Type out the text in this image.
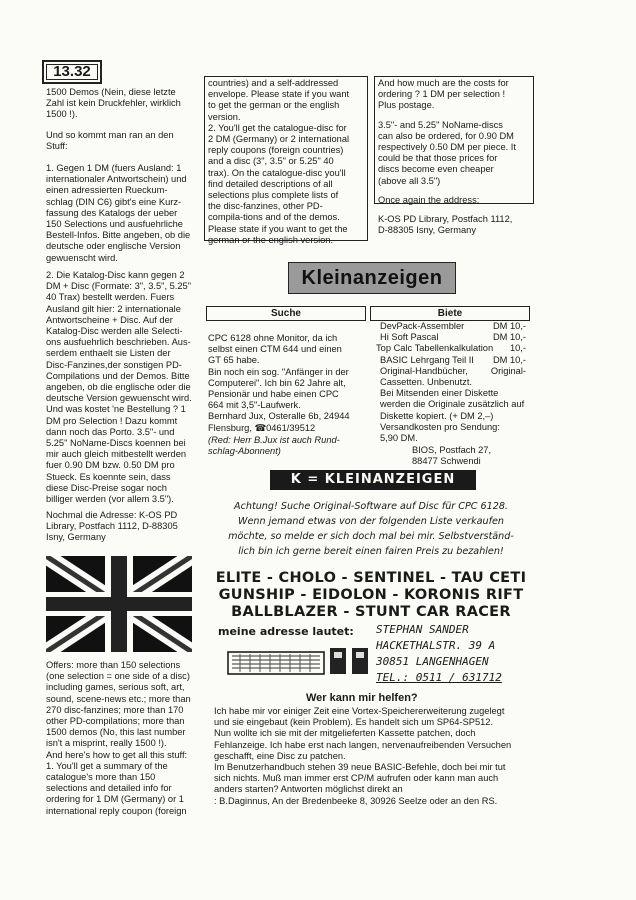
13.32

1500 Demos (Nein, diese letzte
Zahl ist kein Druckfehler, wirklich
1500 !).

Und so kommt man ran an den
Stuff:

1. Gegen 1 DM (fuers Ausland: 1
internationaler Antwortschein) und
einen adressierten Rueckum-
schlag (DIN C6) gibt's eine Kurz-
fassung des Katalogs der ueber
150 Selections und ausfuehrliche
Bestell-Infos. Bitte angeben, ob die
deutsche oder englische Version
gewuenscht wird.

2. Die Katalog-Disc kann gegen 2
DM + Disc (Formate: 3", 3.5", 5.25"
40 Trax) bestellt werden. Fuers
Ausland gilt hier: 2 internationale
Antwortscheine + Disc. Auf der
Katalog-Disc werden alle Selecti-
ons ausfuehrlich beschrieben. Aus-
serdem enthaelt sie Listen der
Disc-Fanzines,der sonstigen PD-
Compilations und der Demos. Bitte
angeben, ob die englische oder die
deutsche Version gewuenscht wird.
Und was kostet 'ne Bestellung ? 1
DM pro Selection ! Dazu kommt
dann noch das Porto. 3.5"- und
5.25" NoName-Discs koennen bei
mir auch gleich mitbestellt werden
fuer 0.90 DM bzw. 0.50 DM pro
Stueck. Es koennte sein, dass
diese Disc-Preise sogar noch
billiger werden (vor allem 3.5").

Nochmal die Adresse: K-OS PD
Library, Postfach 1112, D-88305
Isny, Germany

Offers: more than 150 selections
(one selection = one side of a disc)
including games, serious soft, art,
sound, scene-news etc.; more than
270 disc-fanzines; more than 170
other PD-compilations; more than
1500 demos (No, this last number
isn't a misprint, really 1500 !).
And here's how to get all this stuff:
1. You'll get a summary of the
catalogue's more than 150
selections and detailed info for
ordering for 1 DM (Germany) or 1
international reply coupon (foreign

countries) and a self-addressed
envelope. Please state if you want
to get the german or the english
version.
2. You'll get the catalogue-disc for
2 DM (Germany) or 2 international
reply coupons (foreign countries)
and a disc (3", 3.5" or 5.25" 40
trax). On the catalogue-disc you'll
find detailed descriptions of all
selections plus complete lists of
the disc-fanzines, other PD-
compila-tions and of the demos.
Please state if you want to get the
german or the english version.

And how much are the costs for
ordering ? 1 DM per selection !
Plus postage.

3.5"- and 5.25" NoName-discs
can also be ordered, for 0.90 DM
respectively 0.50 DM per piece. It
could be that those prices for
discs become even cheaper
(above all 3.5")

Once again the address:

K-OS PD Library, Postfach 1112,
D-88305 Isny, Germany

Kleinanzeigen
Suche	Biete

CPC 6128 ohne Monitor, da ich
selbst einen CTM 644 und einen
GT 65 habe.
Bin noch ein sog. "Anfänger in der
Computerei". Ich bin 62 Jahre alt,
Pensionär und habe einen CPC
664 mit 3,5"-Laufwerk.
Bernhard Jux, Osteralle 6b, 24944
Flensburg, ☎0461/39512

(Red: Herr B.Jux ist auch Rund-
schlag-Abonnent)

DevPack-Assembler	DM 10,-
Hi Soft Pascal	DM 10,-
Top Calc Tabellenkalkulation 10,-
BASIC Lehrgang Teil II DM 10,-
Original-Handbücher, Original-

Cassetten. Unbenutzt.
Bei Mitsenden einer Diskette
werden die Originale zusätzlich auf
Diskette kopiert. (+ DM 2,–)
Versandkosten pro Sendung:
5,90 DM.

BIOS, Postfach 27,
88477 Schwendi

K = KLEINANZEIGEN
Achtung! Suche Original-Software auf Disc für CPC 6128.
Wenn jemand etwas von der folgenden Liste verkaufen
möchte, so melde er sich doch mal bei mir. Selbstverständ-
lich bin ich gerne bereit einen fairen Preis zu bezahlen!
ELITE - CHOLO - SENTINEL - TAU CETI
GUNSHIP - EIDOLON - KORONIS RIFT
BALLBLAZER - STUNT CAR RACER
meine adresse lautet: STEPHAN SANDER
HACKETHALSTR. 39 A
30851 LANGENHAGEN
TEL.: 0511 / 631712
Wer kann mir helfen?

Ich habe mir vor einiger Zeit eine Vortex-Speichererweiterung zugelegt
und sie eingebaut (kein Problem). Es handelt sich um SP64-SP512.
Nun wollte ich sie mit der mitgelieferten Kassette patchen, doch
Fehlanzeige. Ich habe erst nach langen, nervenaufreibenden Versuchen
geschafft, eine Disc zu patchen.
Im Benutzerhandbuch stehen 39 neue BASIC-Befehle, doch bei mir tut
sich nichts. Muß man immer erst CP/M aufrufen oder kann man auch
anders starten? Antworten möglichst direkt an
: B.Daginnus, An der Bredenbeeke 8, 30926 Seelze oder an den RS.
